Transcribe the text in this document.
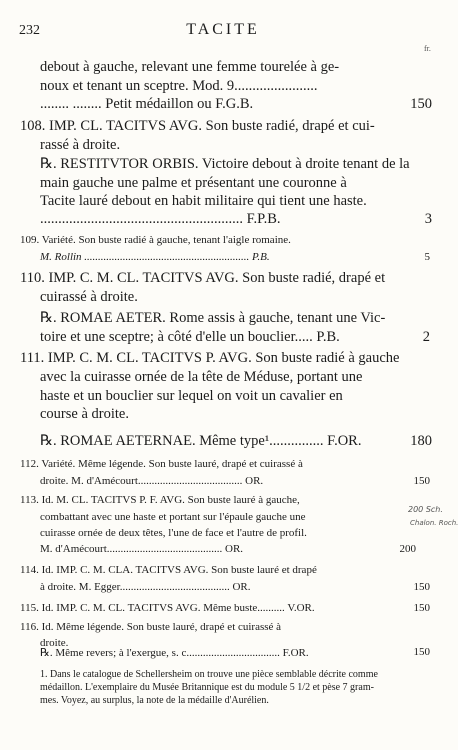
232	TACITE
fr.
debout à gauche, relevant une femme tourelée à ge-
noux et tenant un sceptre. Mod. 9.......................
........ ........ Petit médaillon ou F.G.B.	150
108. IMP. CL. TACITVS AVG. Son buste radié, drapé et cui-
rassé à droite.
℞. RESTITVTOR ORBIS. Victoire debout à droite tenant de la
main gauche une palme et présentant une couronne à
Tacite lauré debout en habit militaire qui tient une haste.
........................................................ F.P.B.	3
109. Variété. Son buste radié à gauche, tenant l'aigle romaine.
M. Rollin ............................................................ P.B.	5
110. IMP. C. M. CL. TACITVS AVG. Son buste radié, drapé et
cuirassé à droite.
℞. ROMAE AETER. Rome assis à gauche, tenant une Vic-
toire et une sceptre; à côté d'elle un bouclier..... P.B.	2
111. IMP. C. M. CL. TACITVS P. AVG. Son buste radié à gauche
avec la cuirasse ornée de la tête de Méduse, portant une
haste et un bouclier sur lequel on voit un cavalier en
course à droite.
℞. ROMAE AETERNAE. Même type¹............... F.OR.	180
112. Variété. Même légende. Son buste lauré, drapé et cuirassé à
droite. M. d'Amécourt...................................... OR.	150
113. Id. M. CL. TACITVS P. F. AVG. Son buste lauré à gauche,
combattant avec une haste et portant sur l'épaule gauche une
cuirasse ornée de deux têtes, l'une de face et l'autre de profil.
M. d'Amécourt.......................................... OR.	200
200 Sch.
Chalon. Roch.
114. Id. IMP. C. M. CLA. TACITVS AVG. Son buste lauré et drapé
à droite. M. Egger........................................ OR.	150
115. Id. IMP. C. M. CL. TACITVS AVG. Même buste.......... V.OR.	150
116. Id. Même légende. Son buste lauré, drapé et cuirassé à
droite.
1. Dans le catalogue de Schellersheim on trouve une pièce semblable décrite comme
médaillon. L'exemplaire du Musée Britannique est du module 5 1/2 et pèse 7 gram-
mes. Voyez, au surplus, la note de la médaille d'Aurélien.
℞. Même revers; à l'exergue, s. c.................................. F.OR.	150
